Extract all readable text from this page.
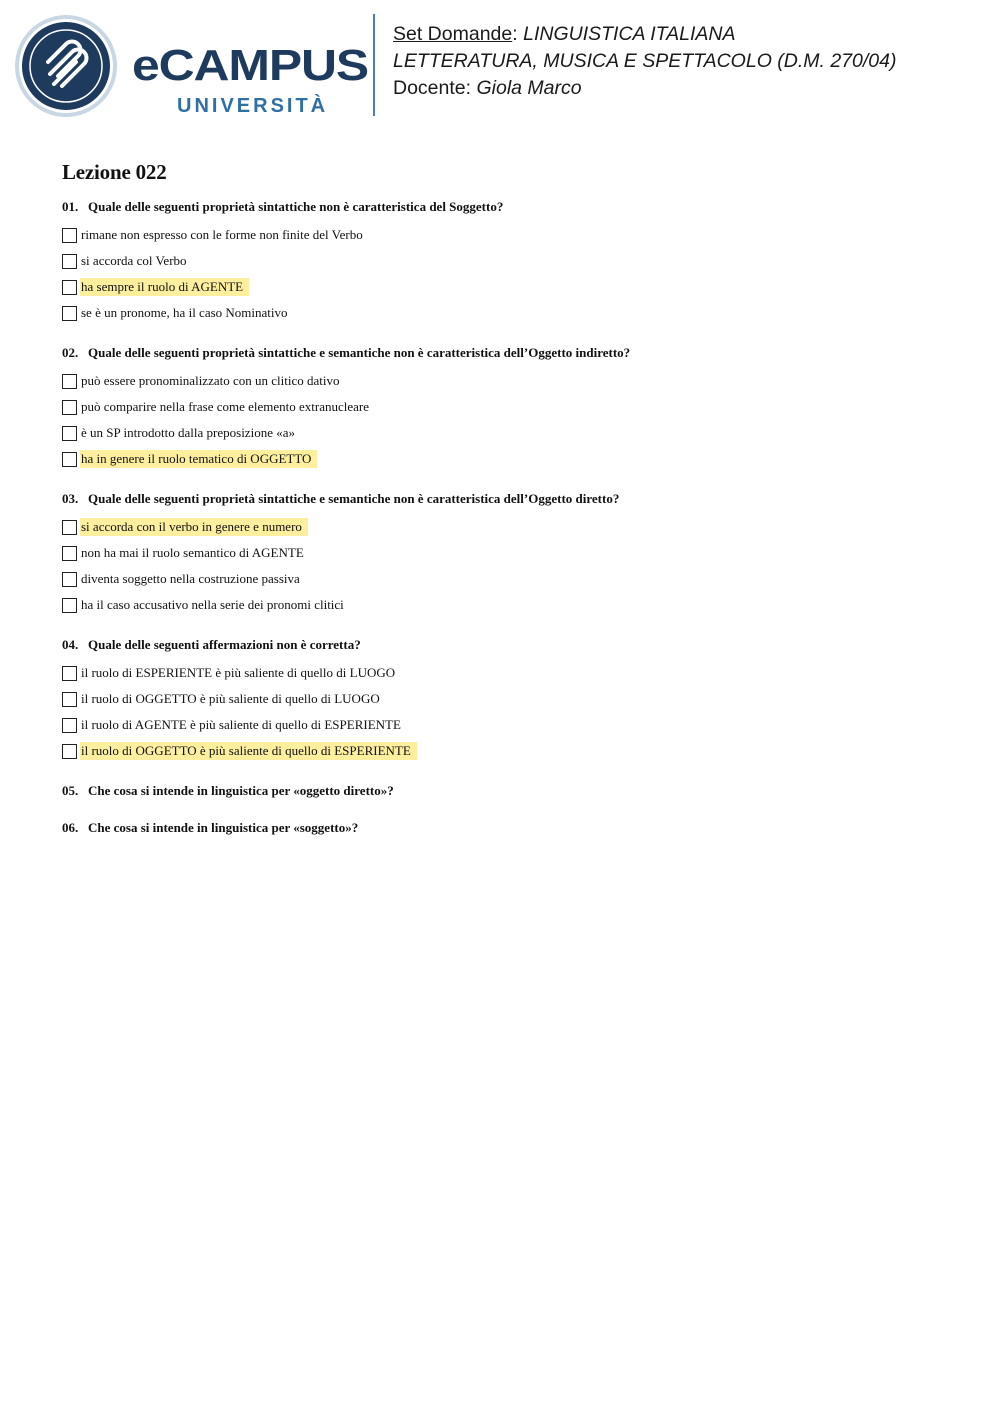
eCAMPUS
UNIVERSITÀ
Set Domande: LINGUISTICA ITALIANA
LETTERATURA, MUSICA E SPETTACOLO (D.M. 270/04)
Docente: Giola Marco
Lezione 022
01. Quale delle seguenti proprietà sintattiche non è caratteristica del Soggetto?
rimane non espresso con le forme non finite del Verbo
si accorda col Verbo
ha sempre il ruolo di AGENTE
se è un pronome, ha il caso Nominativo
02. Quale delle seguenti proprietà sintattiche e semantiche non è caratteristica dell’Oggetto indiretto?
può essere pronominalizzato con un clitico dativo
può comparire nella frase come elemento extranucleare
è un SP introdotto dalla preposizione «a»
ha in genere il ruolo tematico di OGGETTO
03. Quale delle seguenti proprietà sintattiche e semantiche non è caratteristica dell’Oggetto diretto?
si accorda con il verbo in genere e numero
non ha mai il ruolo semantico di AGENTE
diventa soggetto nella costruzione passiva
ha il caso accusativo nella serie dei pronomi clitici
04. Quale delle seguenti affermazioni non è corretta?
il ruolo di ESPERIENTE è più saliente di quello di LUOGO
il ruolo di OGGETTO è più saliente di quello di LUOGO
il ruolo di AGENTE è più saliente di quello di ESPERIENTE
il ruolo di OGGETTO è più saliente di quello di ESPERIENTE
05. Che cosa si intende in linguistica per «oggetto diretto»?
06. Che cosa si intende in linguistica per «soggetto»?
